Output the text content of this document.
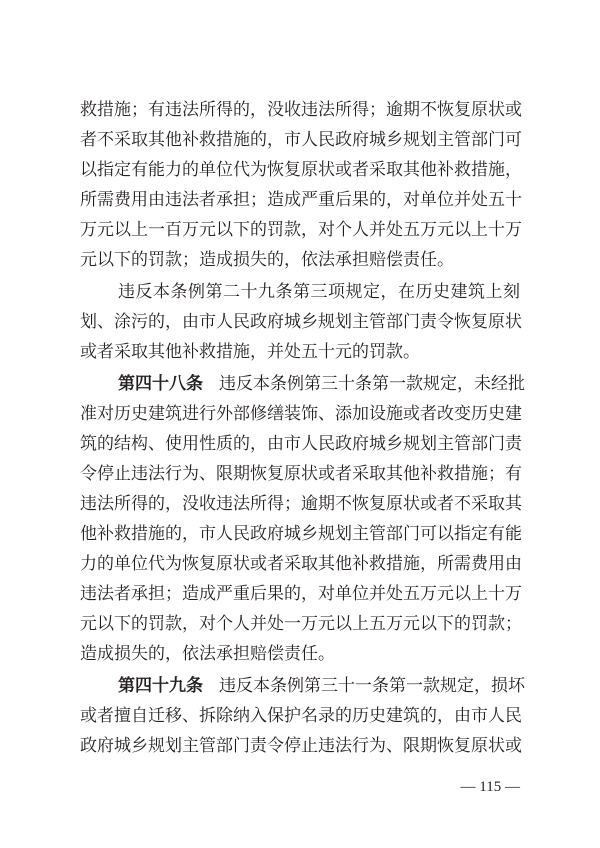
救措施；有违法所得的，没收违法所得；逾期不恢复原状或
者不采取其他补救措施的，市人民政府城乡规划主管部门可
以指定有能力的单位代为恢复原状或者采取其他补救措施，
所需费用由违法者承担；造成严重后果的，对单位并处五十
万元以上一百万元以下的罚款，对个人并处五万元以上十万
元以下的罚款；造成损失的，依法承担赔偿责任。
违反本条例第二十九条第三项规定，在历史建筑上刻
划、涂污的，由市人民政府城乡规划主管部门责令恢复原状
或者采取其他补救措施，并处五十元的罚款。
第四十八条 违反本条例第三十条第一款规定，未经批
准对历史建筑进行外部修缮装饰、添加设施或者改变历史建
筑的结构、使用性质的，由市人民政府城乡规划主管部门责
令停止违法行为、限期恢复原状或者采取其他补救措施；有
违法所得的，没收违法所得；逾期不恢复原状或者不采取其
他补救措施的，市人民政府城乡规划主管部门可以指定有能
力的单位代为恢复原状或者采取其他补救措施，所需费用由
违法者承担；造成严重后果的，对单位并处五万元以上十万
元以下的罚款，对个人并处一万元以上五万元以下的罚款；
造成损失的，依法承担赔偿责任。
— 115 —
第四十九条 违反本条例第三十一条第一款规定，损坏
或者擅自迁移、拆除纳入保护名录的历史建筑的，由市人民
政府城乡规划主管部门责令停止违法行为、限期恢复原状或
